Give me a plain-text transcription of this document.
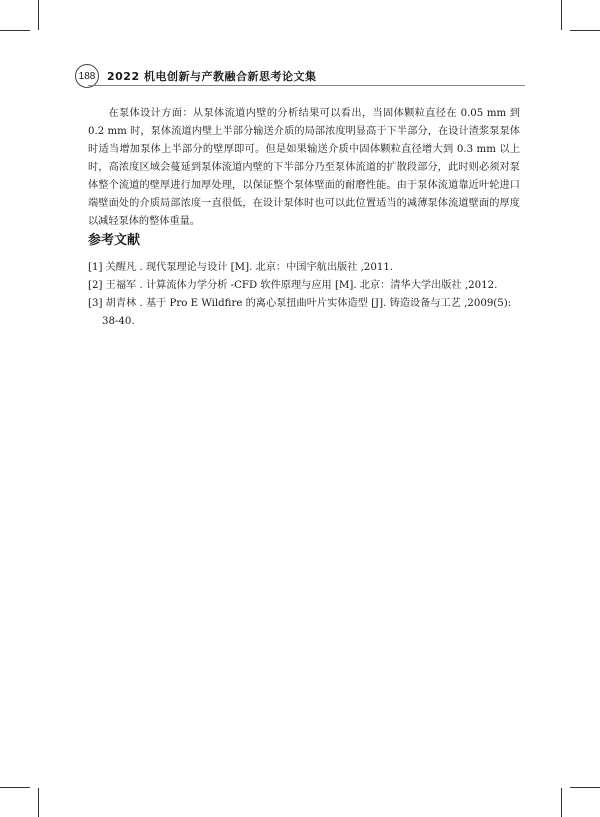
188 2022 机电创新与产教融合新思考论文集

在泵体设计方面：从泵体流道内壁的分析结果可以看出，当固体颗粒直径在 0.05 mm 到 0.2 mm 时，泵体流道内壁上半部分输送介质的局部浓度明显高于下半部分，在设计渣浆泵泵体时适当增加泵体上半部分的壁厚即可。但是如果输送介质中固体颗粒直径增大到 0.3 mm 以上时，高浓度区域会蔓延到泵体流道内壁的下半部分乃至泵体流道的扩散段部分，此时则必须对泵体整个流道的壁厚进行加厚处理，以保证整个泵体壁面的耐磨性能。由于泵体流道靠近叶轮进口端壁面处的介质局部浓度一直很低，在设计泵体时也可以此位置适当的减薄泵体流道壁面的厚度以减轻泵体的整体重量。

参考文献

[1] 关醒凡 . 现代泵理论与设计 [M]. 北京：中国宇航出版社 ,2011.

[2] 王福军 . 计算流体力学分析 -CFD 软件原理与应用 [M]. 北京：清华大学出版社 ,2012.

[3] 胡青林 . 基于 Pro E Wildfire 的离心泵扭曲叶片实体造型 [J]. 铸造设备与工艺 ,2009(5):

38-40.
